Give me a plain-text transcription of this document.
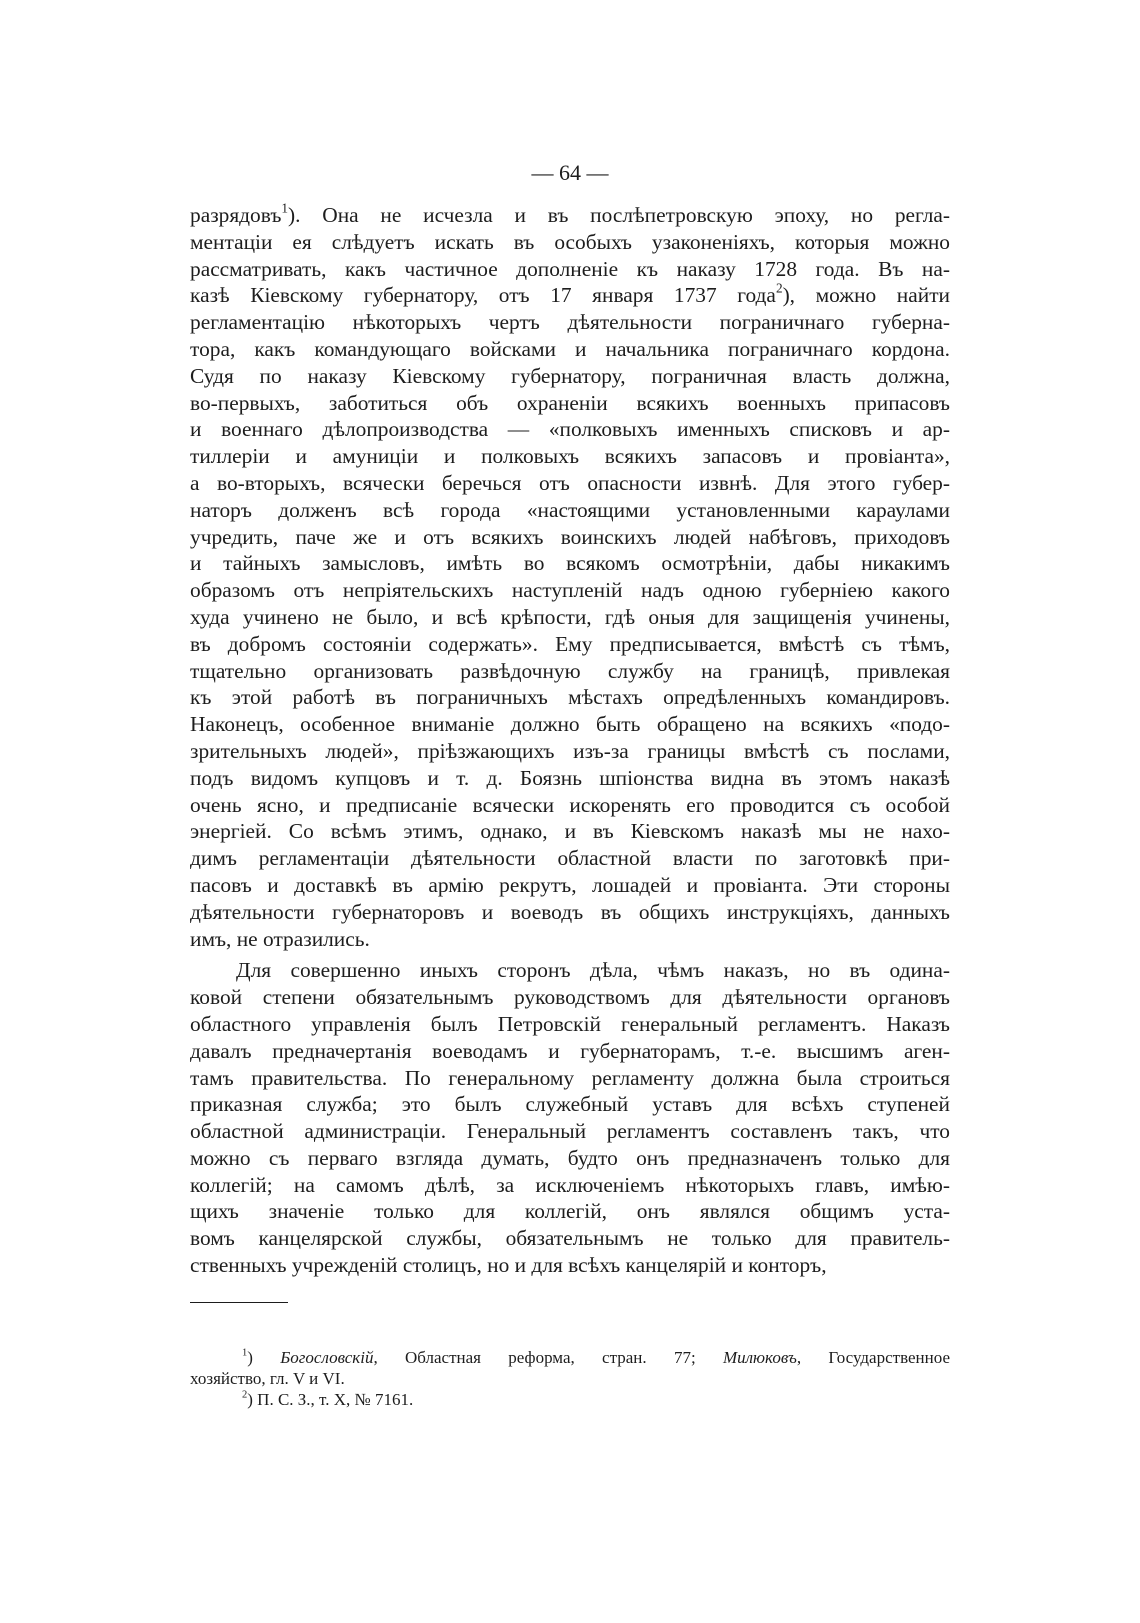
— 64 —
разрядовъ$^1$). Она не исчезла и въ послѣпетровскую эпоху, но регла-
ментаціи ея слѣдуетъ искать въ особыхъ узаконеніяхъ, которыя можно
рассматривать, какъ частичное дополненіе къ наказу 1728 года. Въ на-
казѣ Кіевскому губернатору, отъ 17 января 1737 года$^2$), можно найти
регламентацію нѣкоторыхъ чертъ дѣятельности пограничнаго губерна-
тора, какъ командующаго войсками и начальника пограничнаго кордона.
Судя по наказу Кіевскому губернатору, пограничная власть должна,
во-первыхъ, заботиться объ охраненіи всякихъ военныхъ припасовъ
и военнаго дѣлопроизводства — «полковыхъ именныхъ списковъ и ар-
тиллеріи и амуниціи и полковыхъ всякихъ запасовъ и провіанта»,
а во-вторыхъ, всячески беречься отъ опасности извнѣ. Для этого губер-
наторъ долженъ всѣ города «настоящими установленными караулами
учредить, паче же и отъ всякихъ воинскихъ людей набѣговъ, приходовъ
и тайныхъ замысловъ, имѣть во всякомъ осмотрѣніи, дабы никакимъ
образомъ отъ непріятельскихъ наступленій надъ одною губерніею какого
худа учинено не было, и всѣ крѣпости, гдѣ оныя для защищенія учинены,
въ добромъ состояніи содержать». Ему предписывается, вмѣстѣ съ тѣмъ,
тщательно организовать развѣдочную службу на границѣ, привлекая
къ этой работѣ въ пограничныхъ мѣстахъ опредѣленныхъ командировъ.
Наконецъ, особенное вниманіе должно быть обращено на всякихъ «подо-
зрительныхъ людей», пріѣзжающихъ изъ-за границы вмѣстѣ съ послами,
подъ видомъ купцовъ и т. д. Боязнь шпіонства видна въ этомъ наказѣ
очень ясно, и предписаніе всячески искоренять его проводится съ особой
энергіей. Со всѣмъ этимъ, однако, и въ Кіевскомъ наказѣ мы не нахо-
димъ регламентаціи дѣятельности областной власти по заготовкѣ при-
пасовъ и доставкѣ въ армію рекрутъ, лошадей и провіанта. Эти стороны
дѣятельности губернаторовъ и воеводъ въ общихъ инструкціяхъ, данныхъ
имъ, не отразились.
Для совершенно иныхъ сторонъ дѣла, чѣмъ наказъ, но въ одина-
ковой степени обязательнымъ руководствомъ для дѣятельности органовъ
областного управленія былъ Петровскій генеральный регламентъ. Наказъ
давалъ предначертанія воеводамъ и губернаторамъ, т.-е. высшимъ аген-
тамъ правительства. По генеральному регламенту должна была строиться
приказная служба; это былъ служебный уставъ для всѣхъ ступеней
областной администраціи. Генеральный регламентъ составленъ такъ, что
можно съ перваго взгляда думать, будто онъ предназначенъ только для
коллегій; на самомъ дѣлѣ, за исключеніемъ нѣкоторыхъ главъ, имѣю-
щихъ значеніе только для коллегій, онъ являлся общимъ уста-
вомъ канцелярской службы, обязательнымъ не только для правитель-
ственныхъ учрежденій столицъ, но и для всѣхъ канцелярій и конторъ,
$^1$) Богословскій, Областная реформа, стран. 77; Милюковъ, Государственное
хозяйство, гл. V и VI.
$^2$) П. С. З., т. X, № 7161.
